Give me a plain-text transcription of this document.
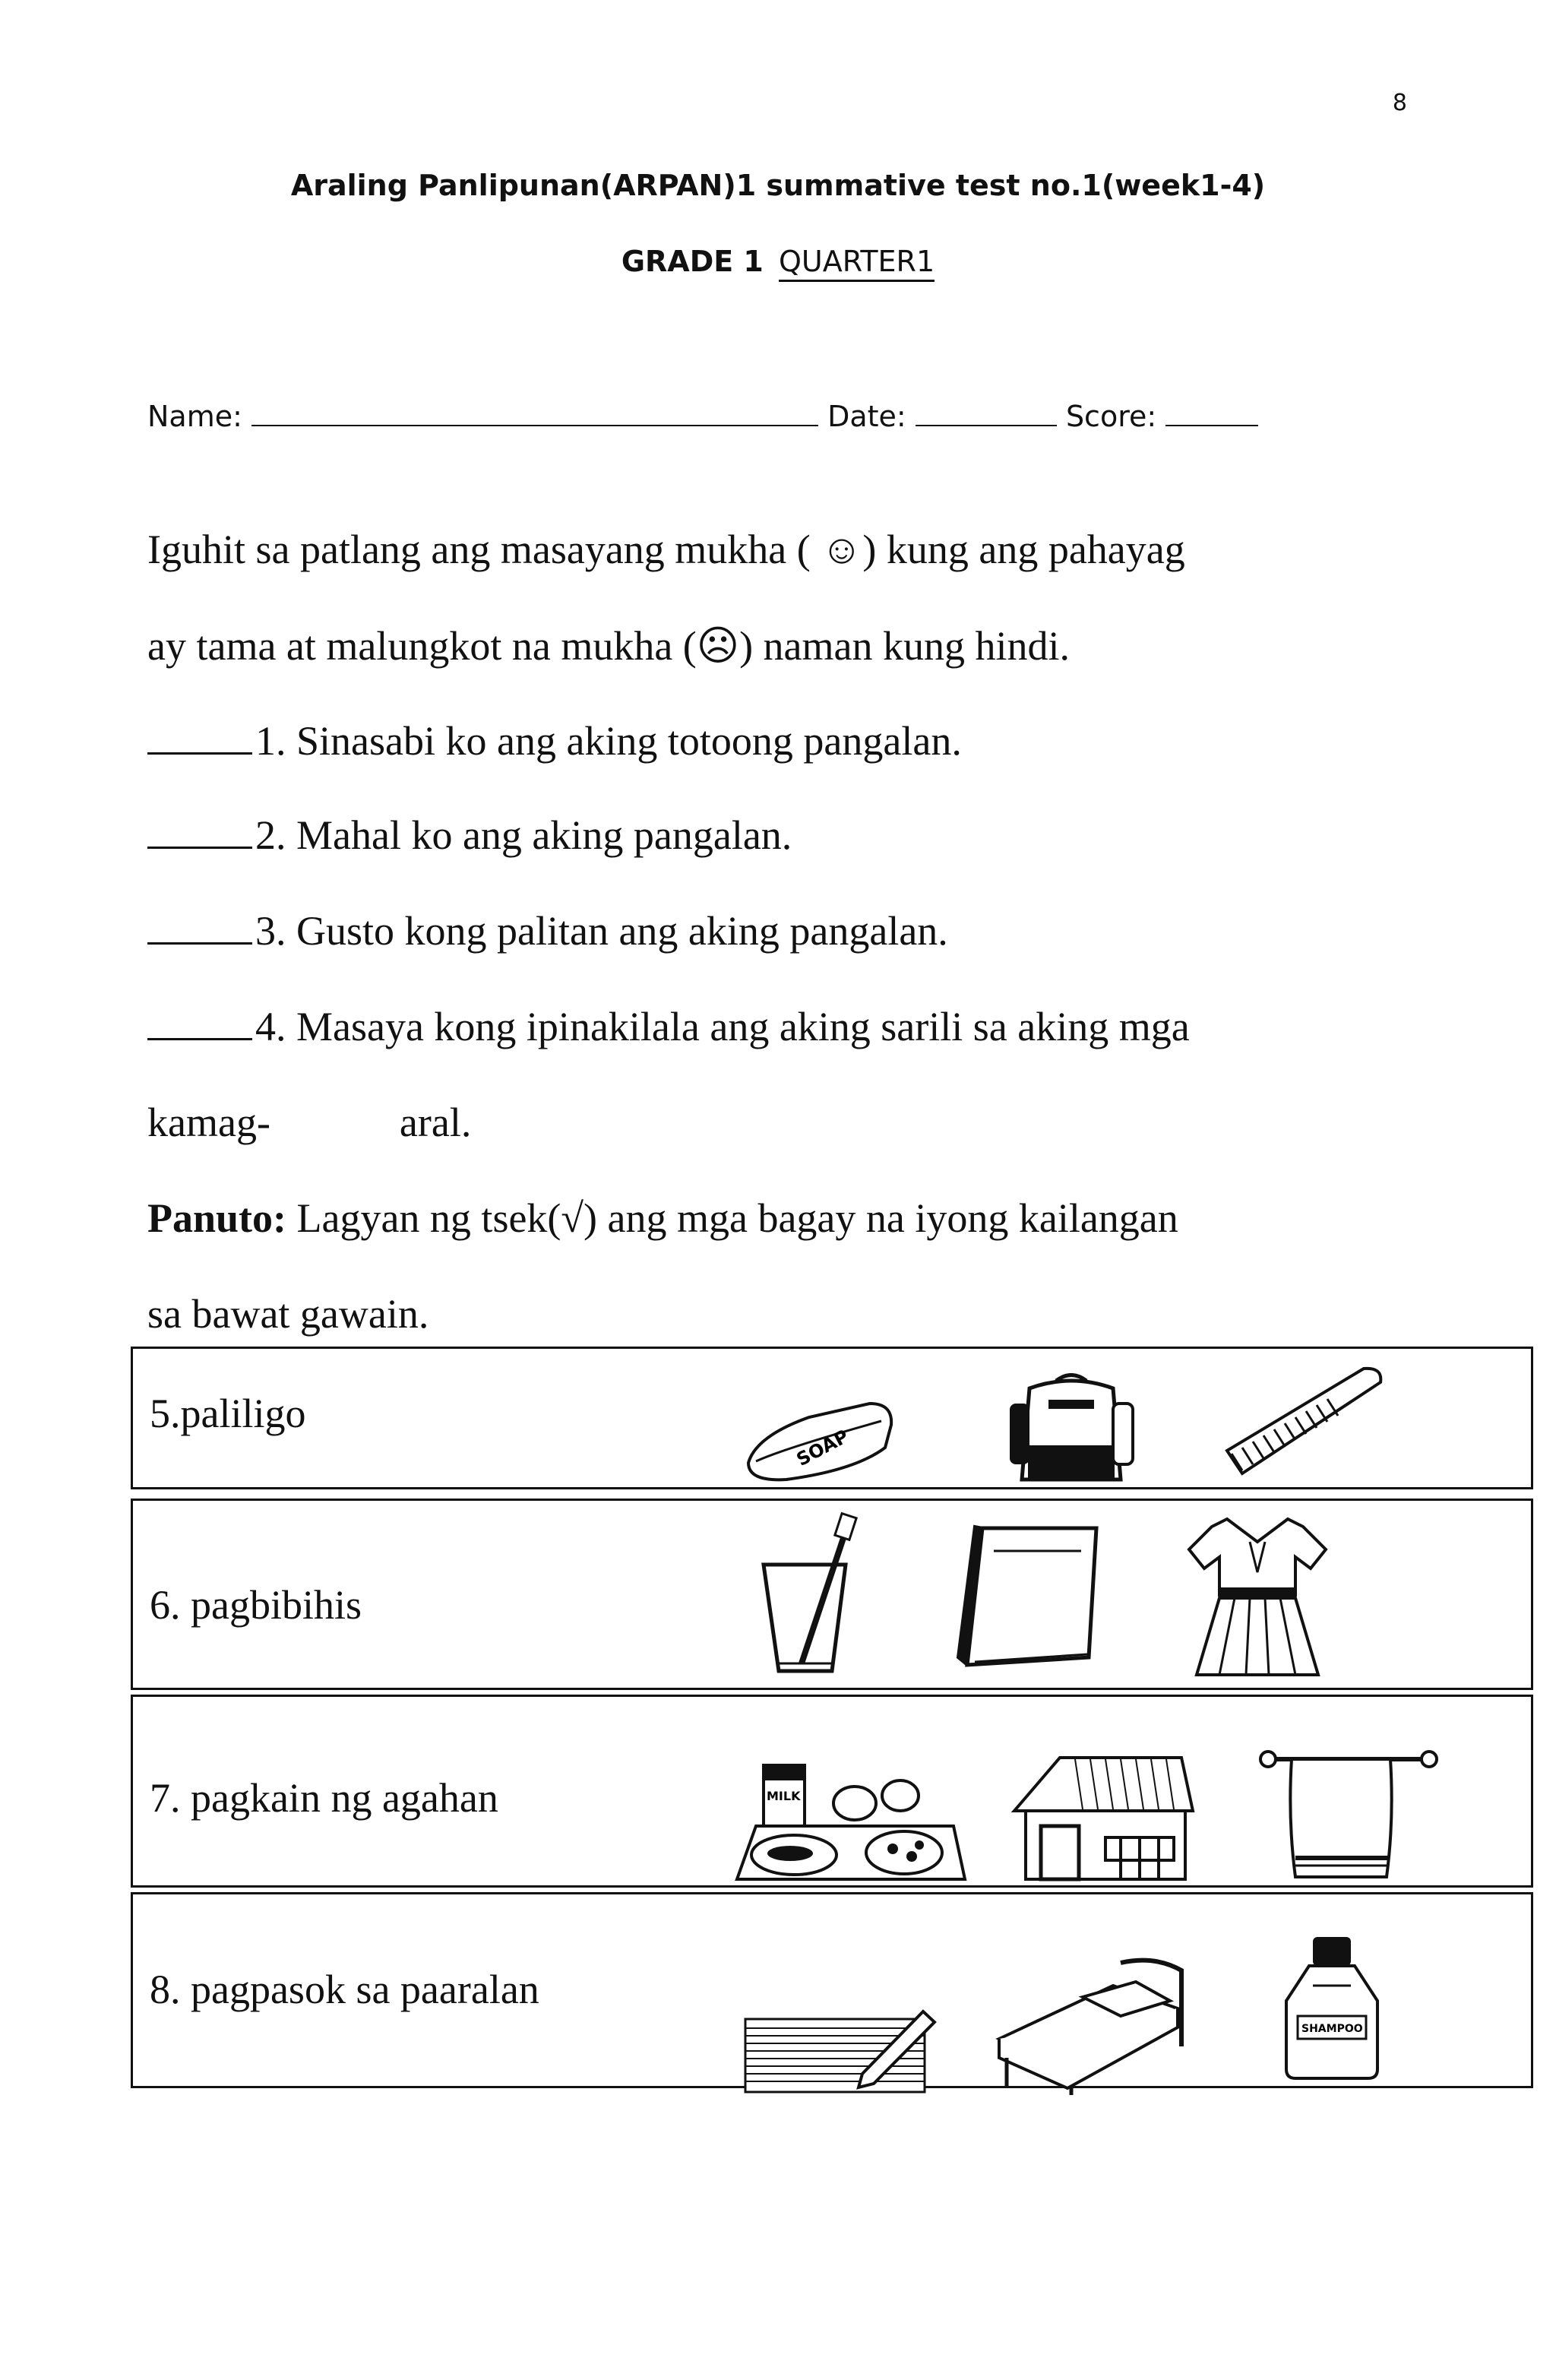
8
Araling Panlipunan(ARPAN)1 summative test no.1(week1-4)
GRADE 1 QUARTER1
Name:	Date:	Score:
Iguhit sa patlang ang masayang mukha ( ☺) kung ang pahayag
ay tama at malungkot na mukha (☹) naman kung hindi.
1. Sinasabi ko ang aking totoong pangalan.
2. Mahal ko ang aking pangalan.
3. Gusto kong palitan ang aking pangalan.
4. Masaya kong ipinakilala ang aking sarili sa aking mga
kamag-	aral.
Panuto: Lagyan ng tsek(√) ang mga bagay na iyong kailangan
sa bawat gawain.
5.paliligo
SOAP
6. pagbibihis
7. pagkain ng agahan	MILK
8. pagpasok sa paaralan
SHAMPOO
